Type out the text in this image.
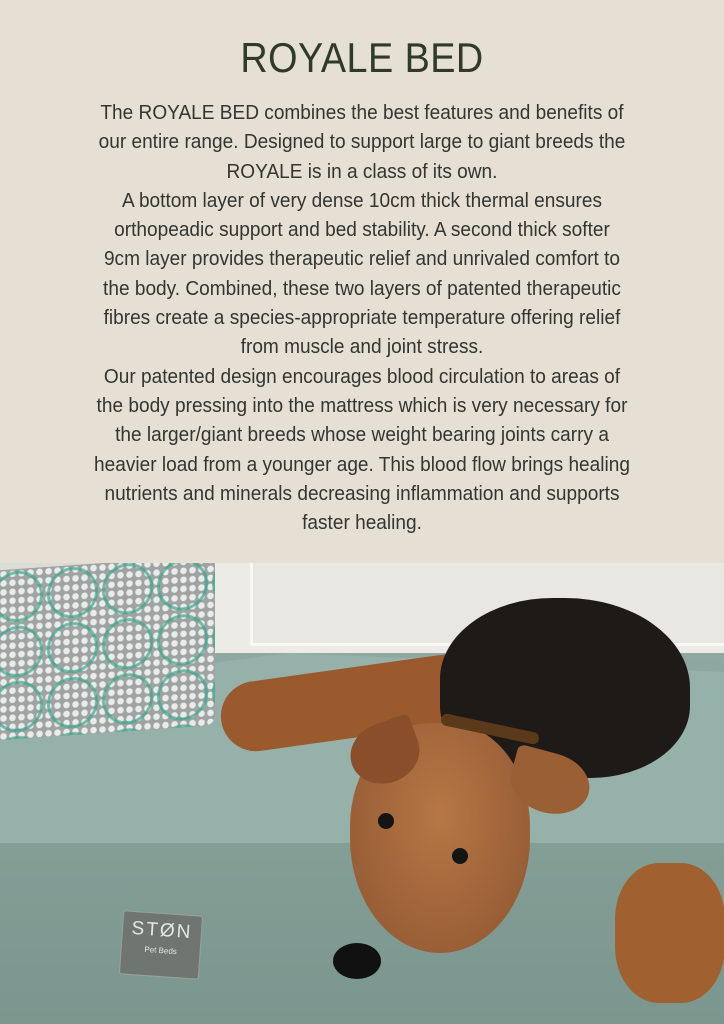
ROYALE BED
The ROYALE BED combines the best features and benefits of
our entire range. Designed to support large to giant breeds the
ROYALE is in a class of its own.
A bottom layer of very dense 10cm thick thermal ensures
orthopeadic support and bed stability. A second thick softer
9cm layer provides therapeutic relief and unrivaled comfort to
the body. Combined, these two layers of patented therapeutic
fibres create a species-appropriate temperature offering relief
from muscle and joint stress.
Our patented design encourages blood circulation to areas of
the body pressing into the mattress which is very necessary for
the larger/giant breeds whose weight bearing joints carry a
heavier load from a younger age. This blood flow brings healing
nutrients and minerals decreasing inflammation and supports
faster healing.
STØN
Pet Beds
